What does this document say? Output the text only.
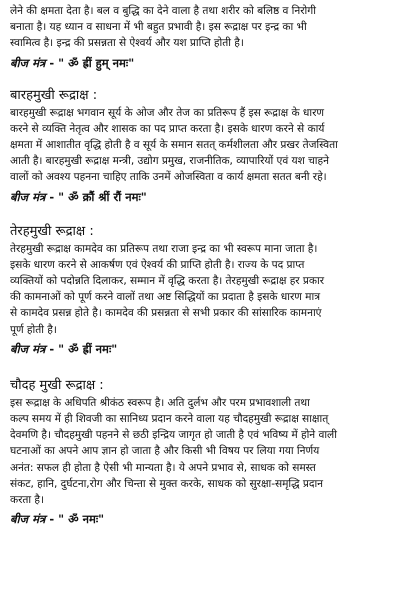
लेने की क्षमता देता है। बल व बुद्धि का देने वाला है तथा शरीर को बलिष्ठ व निरोगी
बनाता है। यह ध्यान व साधना में भी बहुत प्रभावी है। इस रूद्राक्ष पर इन्द्र का भी
स्वामित्व है। इन्द्र की प्रसन्नता से ऐश्वर्य और यश प्राप्ति होती है।
बीज मंत्र - " ॐ ह्रीं हुम् नमः"
बारहमुखी रूद्राक्ष :
बारहमुखी रूद्राक्ष भगवान सूर्य के ओज और तेज का प्रतिरूप हैं इस रूद्राक्ष के धारण
करने से व्यक्ति नेतृत्व और शासक का पद प्राप्त करता है। इसके धारण करने से कार्य
क्षमता में आशातीत वृद्धि होती है व सूर्य के समान सतत् कर्मशीलता और प्रखर तेजस्विता
आती है। बारहमुखी रूद्राक्ष मन्त्री, उद्योग प्रमुख, राजनीतिक, व्यापारियों एवं यश चाहने
वालों को अवश्य पहनना चाहिए ताकि उनमें ओजस्विता व कार्य क्षमता सतत बनी रहे।
बीज मंत्र - " ॐ क्रौं श्रीं रौं नमः"
तेरहमुखी रूद्राक्ष :
तेरहमुखी रूद्राक्ष कामदेव का प्रतिरूप तथा राजा इन्द्र का भी स्वरूप माना जाता है।
इसके धारण करने से आकर्षण एवं ऐश्वर्य की प्राप्ति होती है। राज्य के पद प्राप्त
व्यक्तियों को पदोन्नति दिलाकर, सम्मान में वृद्धि करता है। तेरहमुखी रूद्राक्ष हर प्रकार
की कामनाओं को पूर्ण करने वालों तथा अष्ट सिद्धियों का प्रदाता है इसके धारण मात्र
से कामदेव प्रसन्न होते है। कामदेव की प्रसन्नता से सभी प्रकार की सांसारिक कामनाएं
पूर्ण होती है।
बीज मंत्र - " ॐ ह्रीं नमः"
चौदह मुखी रूद्राक्ष :
इस रूद्राक्ष के अधिपति श्रीकंठ स्वरूप है। अति दुर्लभ और परम प्रभावशाली तथा
कल्प समय में ही शिवजी का सानिध्य प्रदान करने वाला यह चौदहमुखी रूद्राक्ष साक्षात्
देवमणि है। चौदहमुखी पहनने से छठी इन्द्रिय जागृत हो जाती है एवं भविष्य में होने वाली
घटनाओं का अपने आप ज्ञान हो जाता है और किसी भी विषय पर लिया गया निर्णय
अनंत: सफल ही होता है ऐसी भी मान्यता है। ये अपने प्रभाव से, साधक को समस्त
संकट, हानि, दुर्घटना,रोग और चिन्ता से मुक्त करके, साधक को सुरक्षा-समृद्धि प्रदान
करता है।
बीज मंत्र - " ॐ नमः"
